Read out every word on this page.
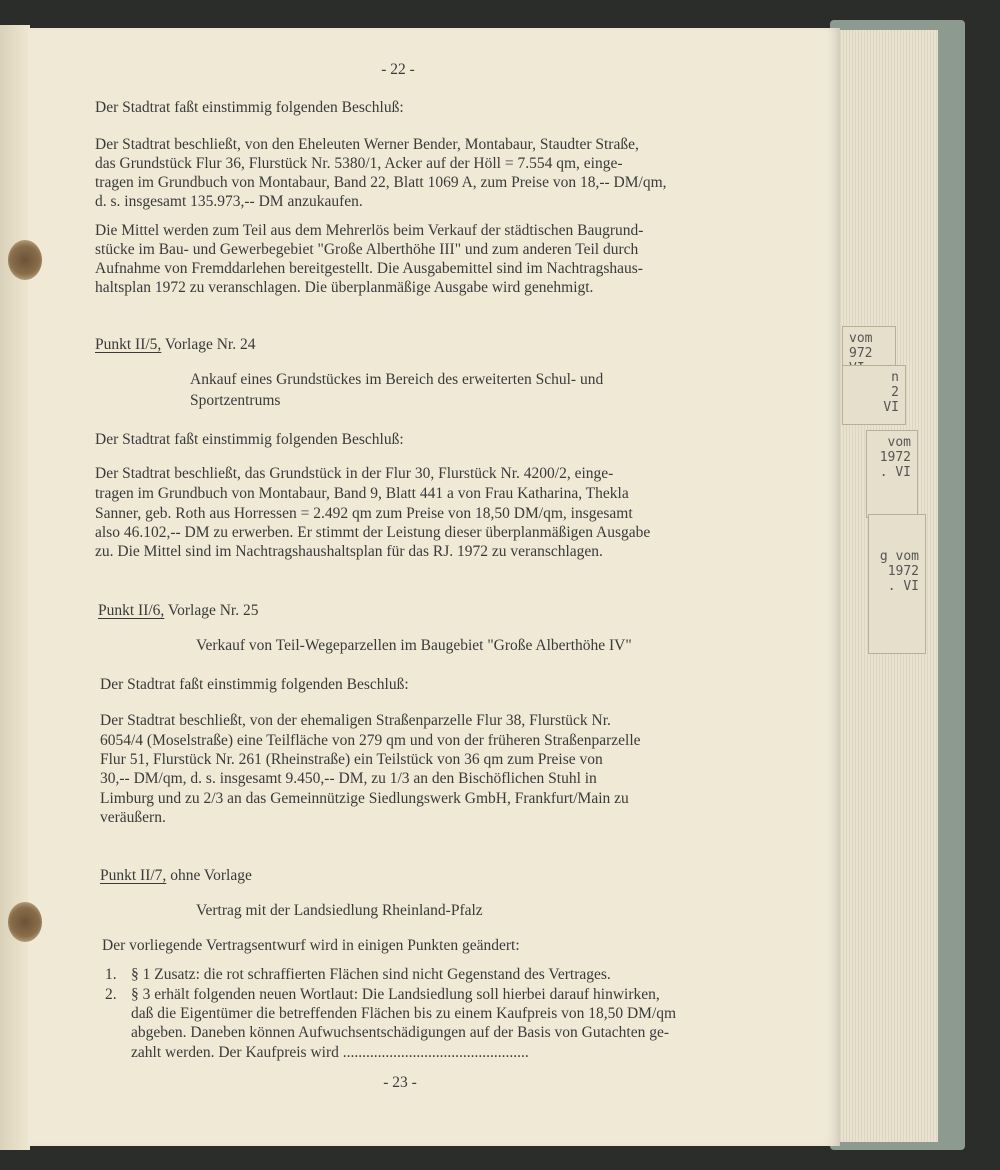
vom
972
n
2
VI
vom
1972
. VI
g vom
1972
. VI
- 22 -
Der Stadtrat faßt einstimmig folgenden Beschluß:
Der Stadtrat beschließt, von den Eheleuten Werner Bender, Montabaur, Staudter Straße,
das Grundstück Flur 36, Flurstück Nr. 5380/1, Acker auf der Höll = 7.554 qm, einge-
tragen im Grundbuch von Montabaur, Band 22, Blatt 1069 A, zum Preise von 18,-- DM/qm,
d. s. insgesamt 135.973,-- DM anzukaufen.
Die Mittel werden zum Teil aus dem Mehrerlös beim Verkauf der städtischen Baugrund-
stücke im Bau- und Gewerbegebiet "Große Alberthöhe III" und zum anderen Teil durch
Aufnahme von Fremddarlehen bereitgestellt. Die Ausgabemittel sind im Nachtragshaus-
haltsplan 1972 zu veranschlagen. Die überplanmäßige Ausgabe wird genehmigt.
Punkt II/5, Vorlage Nr. 24
Ankauf eines Grundstückes im Bereich des erweiterten Schul- und
Sportzentrums
Der Stadtrat faßt einstimmig folgenden Beschluß:
Der Stadtrat beschließt, das Grundstück in der Flur 30, Flurstück Nr. 4200/2, einge-
tragen im Grundbuch von Montabaur, Band 9, Blatt 441 a von Frau Katharina, Thekla
Sanner, geb. Roth aus Horressen = 2.492 qm zum Preise von 18,50 DM/qm, insgesamt
also 46.102,-- DM zu erwerben. Er stimmt der Leistung dieser überplanmäßigen Ausgabe
zu. Die Mittel sind im Nachtragshaushaltsplan für das RJ. 1972 zu veranschlagen.
Punkt II/6, Vorlage Nr. 25
Verkauf von Teil-Wegeparzellen im Baugebiet "Große Alberthöhe IV"
Der Stadtrat faßt einstimmig folgenden Beschluß:
Der Stadtrat beschließt, von der ehemaligen Straßenparzelle Flur 38, Flurstück Nr.
6054/4 (Moselstraße) eine Teilfläche von 279 qm und von der früheren Straßenparzelle
Flur 51, Flurstück Nr. 261 (Rheinstraße) ein Teilstück von 36 qm zum Preise von
30,-- DM/qm, d. s. insgesamt 9.450,-- DM, zu 1/3 an den Bischöflichen Stuhl in
Limburg und zu 2/3 an das Gemeinnützige Siedlungswerk GmbH, Frankfurt/Main zu
veräußern.
Punkt II/7, ohne Vorlage
Vertrag mit der Landsiedlung Rheinland-Pfalz
Der vorliegende Vertragsentwurf wird in einigen Punkten geändert:
1. § 1 Zusatz: die rot schraffierten Flächen sind nicht Gegenstand des Vertrages.
2. § 3 erhält folgenden neuen Wortlaut: Die Landsiedlung soll hierbei darauf hinwirken,
daß die Eigentümer die betreffenden Flächen bis zu einem Kaufpreis von 18,50 DM/qm
abgeben. Daneben können Aufwuchsentschädigungen auf der Basis von Gutachten ge-
zahlt werden. Der Kaufpreis wird ................................................
- 23 -
